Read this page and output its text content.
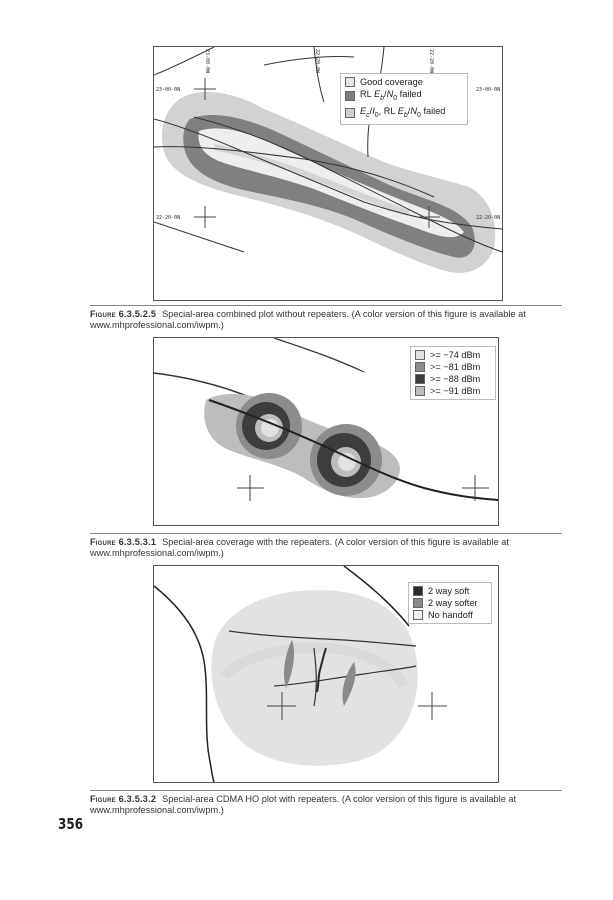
23-00-0N	23-00-0N
22-20-0N	22-20-0N
23-00-0W	22-20-0W	22-20-0W
Good coverage
RL $E_b/N_0$ failed
$E_c/I_0$, RL $E_b/N_0$ failed
Figure 6.3.5.2.5 Special-area combined plot without repeaters. (A color version of this figure is available at www.mhprofessional.com/iwpm.)
>= −74 dBm
>= −81 dBm
>= −88 dBm
>= −91 dBm
Figure 6.3.5.3.1 Special-area coverage with the repeaters. (A color version of this figure is available at www.mhprofessional.com/iwpm.)
2 way soft
2 way softer
No handoff
Figure 6.3.5.3.2 Special-area CDMA HO plot with repeaters. (A color version of this figure is available at www.mhprofessional.com/iwpm.)
356
